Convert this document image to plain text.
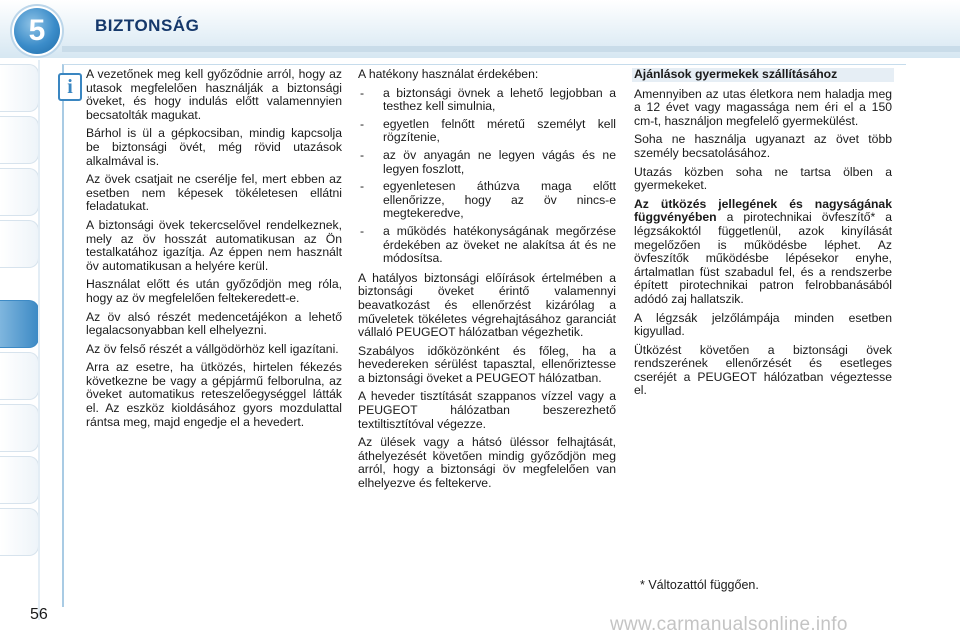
5	BIZTONSÁG
i

A vezetőnek meg kell győződnie arról, hogy az utasok megfelelően használják a biztonsági öveket, és hogy indulás előtt valamennyien becsatolták magukat.

Bárhol is ül a gépkocsiban, mindig kapcsolja be biztonsági övét, még rövid utazások alkalmával is.

Az övek csatjait ne cserélje fel, mert ebben az esetben nem képesek tökéletesen ellátni feladatukat.

A biztonsági övek tekercselővel rendelkeznek, mely az öv hosszát automatikusan az Ön testalkatához igazítja. Az éppen nem használt öv automatikusan a helyére kerül.

Használat előtt és után győződjön meg róla, hogy az öv megfelelően feltekeredett-e.

Az öv alsó részét medencetájékon a lehető legalacsonyabban kell elhelyezni.

Az öv felső részét a vállgödörhöz kell igazítani.

Arra az esetre, ha ütközés, hirtelen fékezés következne be vagy a gépjármű felborulna, az öveket automatikus reteszelőegységgel látták el. Az eszköz kioldásához gyors mozdulattal rántsa meg, majd engedje el a hevedert.

A hatékony használat érdekében:

- a biztonsági övnek a lehető legjobban a testhez kell simulnia,
- egyetlen felnőtt méretű személyt kell rögzítenie,
- az öv anyagán ne legyen vágás és ne legyen foszlott,
- egyenletesen áthúzva maga előtt ellenőrizze, hogy az öv nincs-e megtekeredve,
- a működés hatékonyságának megőrzése érdekében az öveket ne alakítsa át és ne módosítsa.

A hatályos biztonsági előírások értelmében a biztonsági öveket érintő valamennyi beavatkozást és ellenőrzést kizárólag a műveletek tökéletes végrehajtásához garanciát vállaló PEUGEOT hálózatban végezhetik.

Szabályos időközönként és főleg, ha a hevedereken sérülést tapasztal, ellenőriztesse a biztonsági öveket a PEUGEOT hálózatban.

A heveder tisztítását szappanos vízzel vagy a PEUGEOT hálózatban beszerezhető textiltisztítóval végezze.

Az ülések vagy a hátsó üléssor felhajtását, áthelyezését követően mindig győződjön meg arról, hogy a biztonsági öv megfelelően van elhelyezve és feltekerve.

Ajánlások gyermekek szállításához

Amennyiben az utas életkora nem haladja meg a 12 évet vagy magassága nem éri el a 150 cm-t, használjon megfelelő gyermekülést.

Soha ne használja ugyanazt az övet több személy becsatolásához.

Utazás közben soha ne tartsa ölben a gyermekeket.

Az ütközés jellegének és nagyságának függvényében a pirotechnikai övfeszítő* a légzsákoktól függetlenül, azok kinyílását megelőzően is működésbe léphet. Az övfeszítők működésbe lépésekor enyhe, ártalmatlan füst szabadul fel, és a rendszerbe épített pirotechnikai patron felrobbanásából adódó zaj hallatszik.

A légzsák jelzőlámpája minden esetben kigyullad.

Ütközést követően a biztonsági övek rendszerének ellenőrzését és esetleges cseréjét a PEUGEOT hálózatban végeztesse el.

* Változattól függően.
56	www.carmanualsonline.info
